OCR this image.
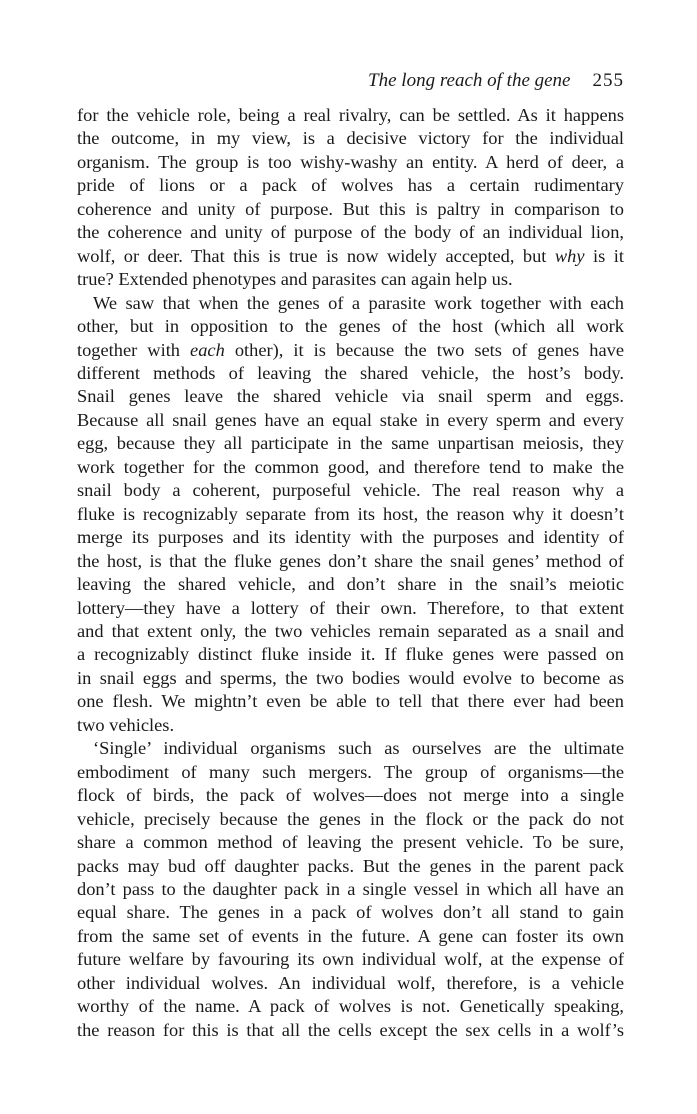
The long reach of the gene 255

for the vehicle role, being a real rivalry, can be settled. As it happens

the outcome, in my view, is a decisive victory for the individual

organism. The group is too wishy-washy an entity. A herd of deer, a

pride of lions or a pack of wolves has a certain rudimentary

coherence and unity of purpose. But this is paltry in comparison to

the coherence and unity of purpose of the body of an individual lion,

wolf, or deer. That this is true is now widely accepted, but why is it

true? Extended phenotypes and parasites can again help us.

We saw that when the genes of a parasite work together with each

other, but in opposition to the genes of the host (which all work

together with each other), it is because the two sets of genes have

different methods of leaving the shared vehicle, the host’s body.

Snail genes leave the shared vehicle via snail sperm and eggs.

Because all snail genes have an equal stake in every sperm and every

egg, because they all participate in the same unpartisan meiosis, they

work together for the common good, and therefore tend to make the

snail body a coherent, purposeful vehicle. The real reason why a

fluke is recognizably separate from its host, the reason why it doesn’t

merge its purposes and its identity with the purposes and identity of

the host, is that the fluke genes don’t share the snail genes’ method of

leaving the shared vehicle, and don’t share in the snail’s meiotic

lottery—they have a lottery of their own. Therefore, to that extent

and that extent only, the two vehicles remain separated as a snail and

a recognizably distinct fluke inside it. If fluke genes were passed on

in snail eggs and sperms, the two bodies would evolve to become as

one flesh. We mightn’t even be able to tell that there ever had been

two vehicles.

‘Single’ individual organisms such as ourselves are the ultimate

embodiment of many such mergers. The group of organisms—the

flock of birds, the pack of wolves—does not merge into a single

vehicle, precisely because the genes in the flock or the pack do not

share a common method of leaving the present vehicle. To be sure,

packs may bud off daughter packs. But the genes in the parent pack

don’t pass to the daughter pack in a single vessel in which all have an

equal share. The genes in a pack of wolves don’t all stand to gain

from the same set of events in the future. A gene can foster its own

future welfare by favouring its own individual wolf, at the expense of

other individual wolves. An individual wolf, therefore, is a vehicle

worthy of the name. A pack of wolves is not. Genetically speaking,

the reason for this is that all the cells except the sex cells in a wolf’s
